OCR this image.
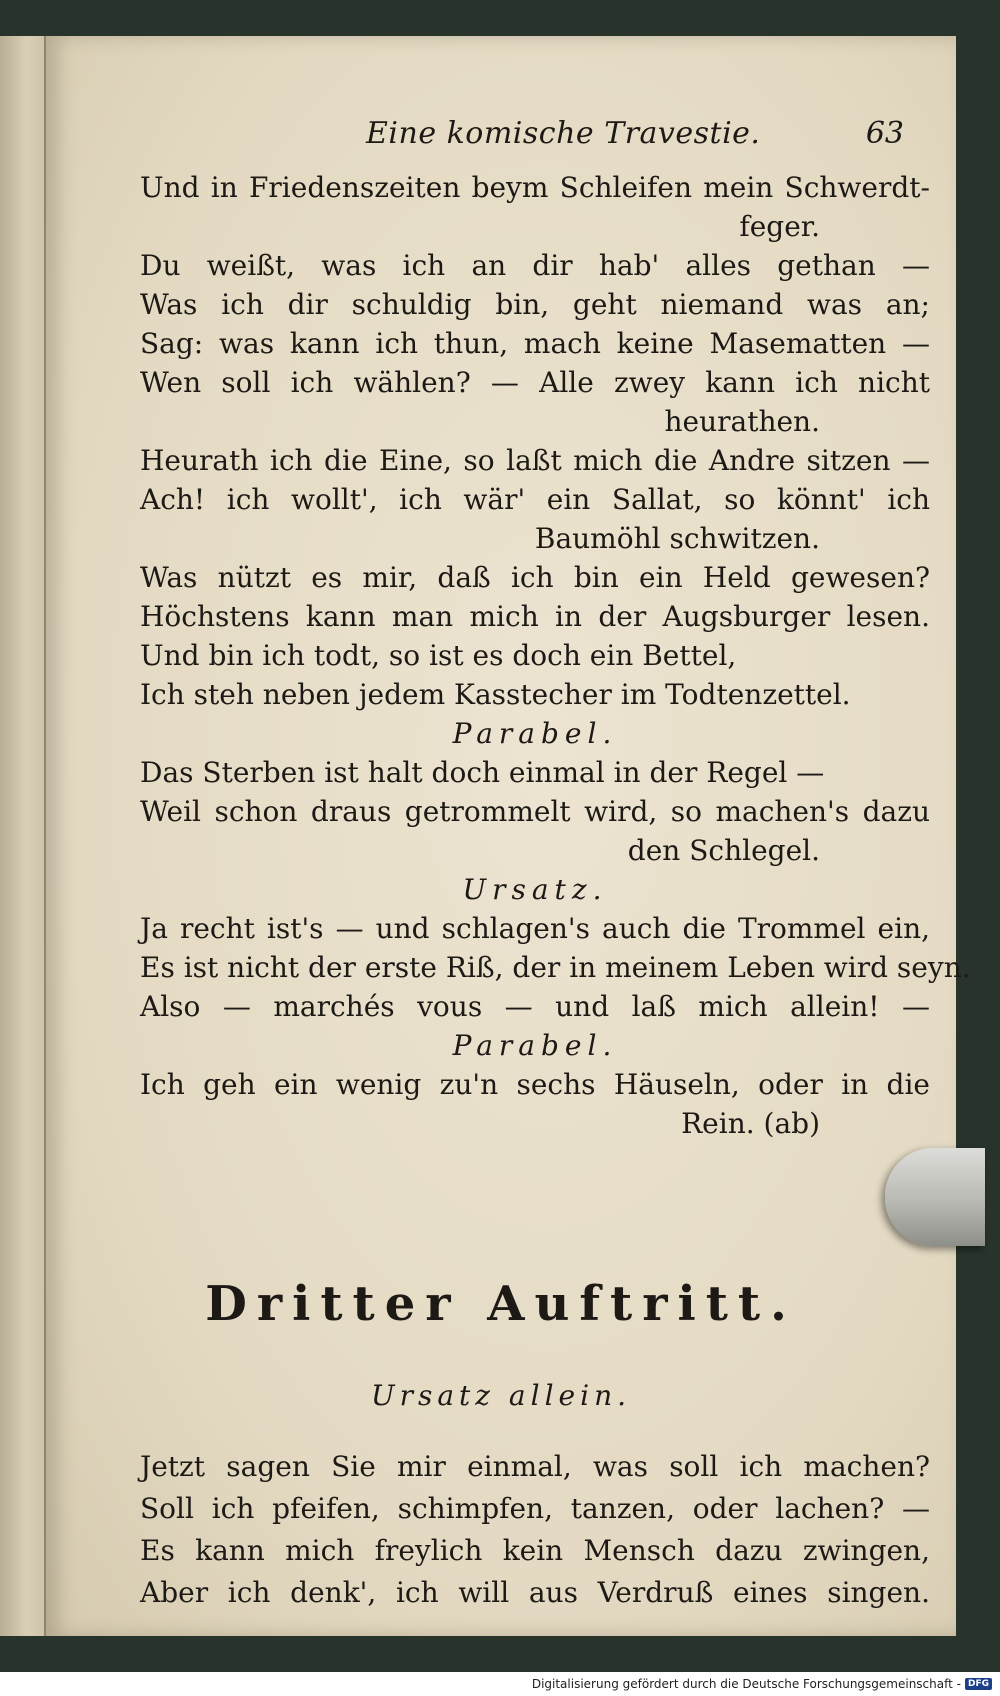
Eine komische Travestie.	63
Und in Friedenszeiten beym Schleifen mein Schwerdt-
feger.
Du weißt, was ich an dir hab' alles gethan —
Was ich dir schuldig bin, geht niemand was an;
Sag: was kann ich thun, mach keine Masematten —
Wen soll ich wählen? — Alle zwey kann ich nicht
heurathen.
Heurath ich die Eine, so laßt mich die Andre sitzen —
Ach! ich wollt', ich wär' ein Sallat, so könnt' ich
Baumöhl schwitzen.
Was nützt es mir, daß ich bin ein Held gewesen?
Höchstens kann man mich in der Augsburger lesen.
Und bin ich todt, so ist es doch ein Bettel,
Ich steh neben jedem Kasstecher im Todtenzettel.
Parabel.
Das Sterben ist halt doch einmal in der Regel —
Weil schon draus getrommelt wird, so machen's dazu
den Schlegel.
Ursatz.
Ja recht ist's — und schlagen's auch die Trommel ein,
Es ist nicht der erste Riß, der in meinem Leben wird seyn.
Also — marchés vous — und laß mich allein! —
Parabel.
Ich geh ein wenig zu'n sechs Häuseln, oder in die
Rein. (ab)
Dritter Auftritt.
Ursatz allein.
Jetzt sagen Sie mir einmal, was soll ich machen?
Soll ich pfeifen, schimpfen, tanzen, oder lachen? —
Es kann mich freylich kein Mensch dazu zwingen,
Aber ich denk', ich will aus Verdruß eines singen.
Digitalisierung gefördert durch die Deutsche Forschungsgemeinschaft - DFG
